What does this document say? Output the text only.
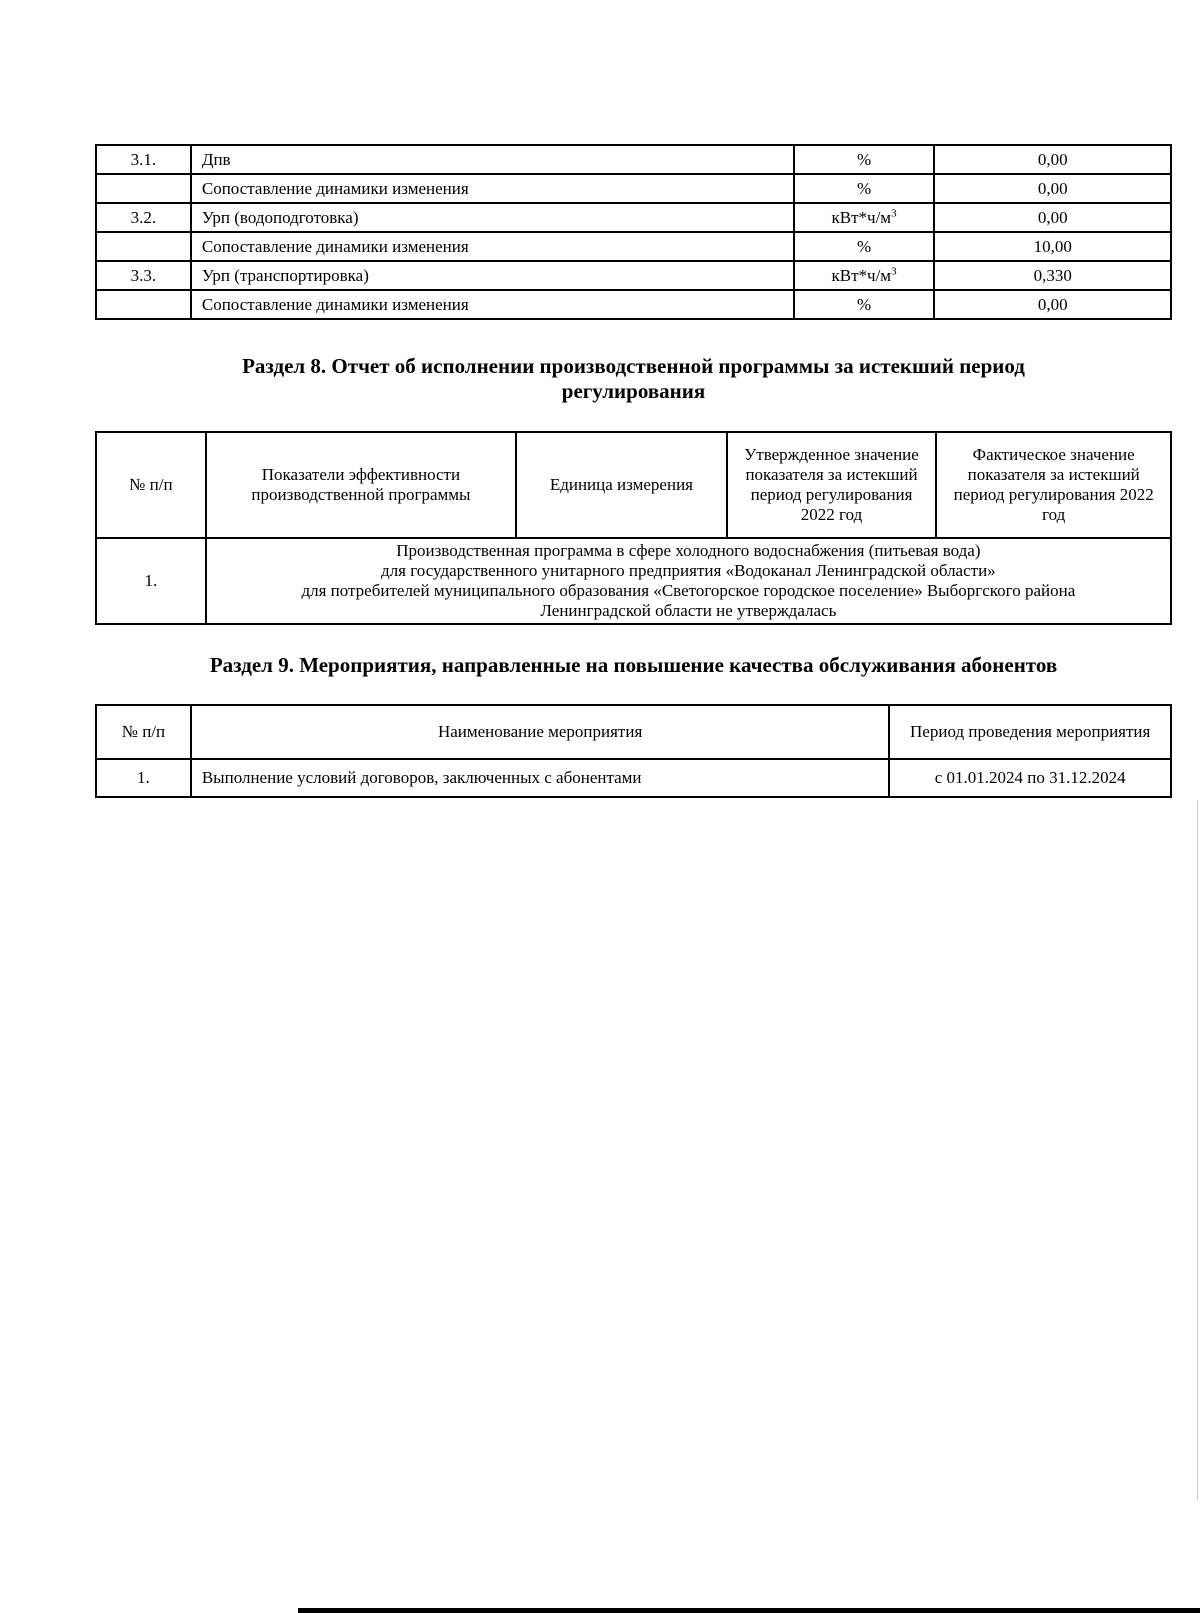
3.1.	Дпв	%	0,00
	Сопоставление динамики изменения	%	0,00
3.2.	Урп (водоподготовка)	$кВт*ч/м^3$	0,00
	Сопоставление динамики изменения	%	10,00
3.3.	Урп (транспортировка)	$кВт*ч/м^3$	0,330
	Сопоставление динамики изменения	%	0,00
Раздел 8. Отчет об исполнении производственной программы за истекший период
регулирования
№ п/п	Показатели эффективности производственной программы	Единица измерения	Утвержденное значение показателя за истекший период регулирования 2022 год	Фактическое значение показателя за истекший период регулирования 2022 год
1.	Производственная программа в сфере холодного водоснабжения (питьевая вода)
для государственного унитарного предприятия «Водоканал Ленинградской области»
для потребителей муниципального образования «Светогорское городское поселение» Выборгского района
Ленинградской области не утверждалась			
Раздел 9. Мероприятия, направленные на повышение качества обслуживания абонентов
№ п/п	Наименование мероприятия	Период проведения мероприятия
1.	Выполнение условий договоров, заключенных с абонентами	с 01.01.2024 по 31.12.2024
